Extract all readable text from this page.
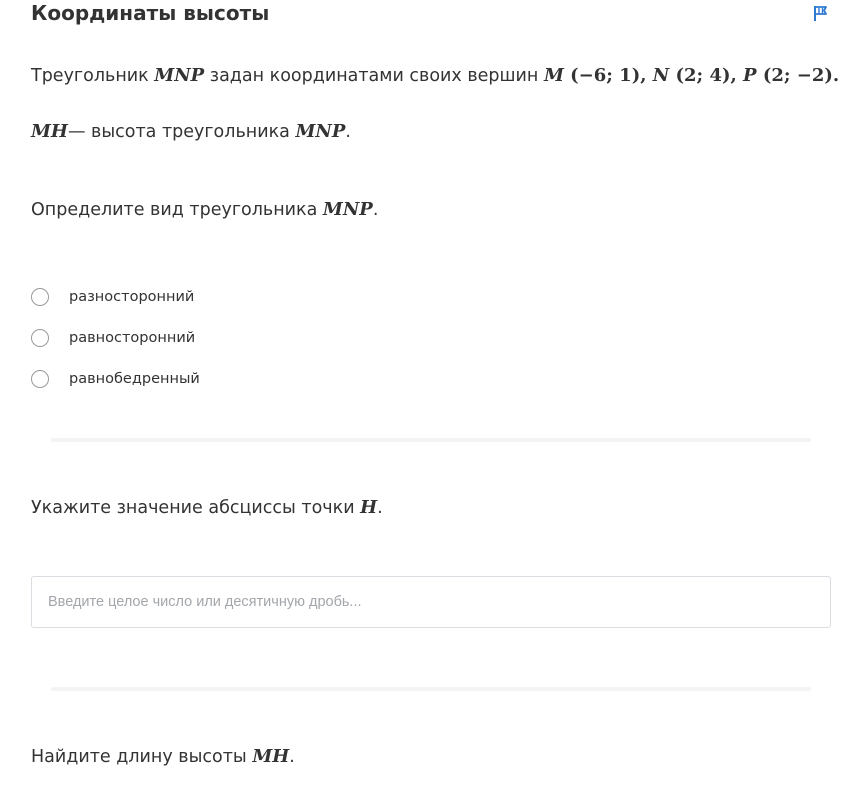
Координаты высоты
Треугольник MNP задан координатами своих вершин M (−6; 1), N (2; 4), P (2; −2).
MH— высота треугольника MNP.
Определите вид треугольника MNP.
разносторонний
равносторонний
равнобедренный
Укажите значение абсциссы точки H.
Введите целое число или десятичную дробь...
Найдите длину высоты MH.
